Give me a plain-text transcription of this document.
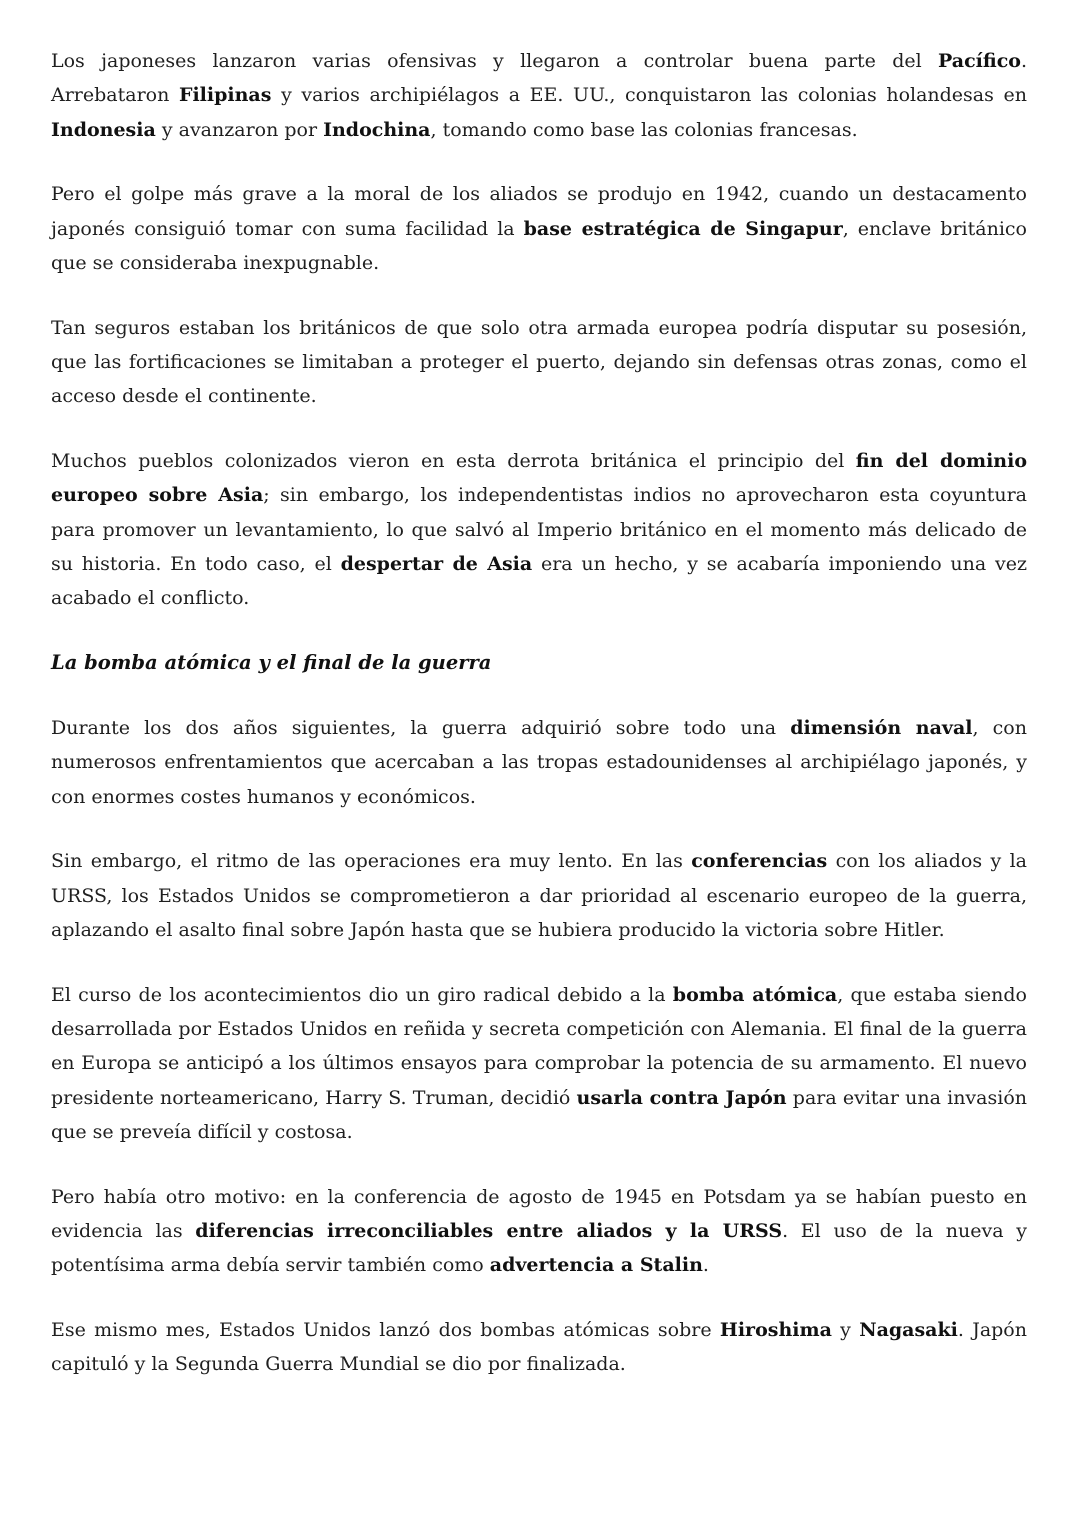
Los japoneses lanzaron varias ofensivas y llegaron a controlar buena parte del Pacífico. Arrebataron Filipinas y varios archipiélagos a EE. UU., conquistaron las colonias holandesas en Indonesia y avanzaron por Indochina, tomando como base las colonias francesas.

Pero el golpe más grave a la moral de los aliados se produjo en 1942, cuando un destacamento japonés consiguió tomar con suma facilidad la base estratégica de Singapur, enclave británico que se consideraba inexpugnable.

Tan seguros estaban los británicos de que solo otra armada europea podría disputar su posesión, que las fortificaciones se limitaban a proteger el puerto, dejando sin defensas otras zonas, como el acceso desde el continente.

Muchos pueblos colonizados vieron en esta derrota británica el principio del fin del dominio europeo sobre Asia; sin embargo, los independentistas indios no aprovecharon esta coyuntura para promover un levantamiento, lo que salvó al Imperio británico en el momento más delicado de su historia. En todo caso, el despertar de Asia era un hecho, y se acabaría imponiendo una vez acabado el conflicto.

La bomba atómica y el final de la guerra

Durante los dos años siguientes, la guerra adquirió sobre todo una dimensión naval, con numerosos enfrentamientos que acercaban a las tropas estadounidenses al archipiélago japonés, y con enormes costes humanos y económicos.

Sin embargo, el ritmo de las operaciones era muy lento. En las conferencias con los aliados y la URSS, los Estados Unidos se comprometieron a dar prioridad al escenario europeo de la guerra, aplazando el asalto final sobre Japón hasta que se hubiera producido la victoria sobre Hitler.

El curso de los acontecimientos dio un giro radical debido a la bomba atómica, que estaba siendo desarrollada por Estados Unidos en reñida y secreta competición con Alemania. El final de la guerra en Europa se anticipó a los últimos ensayos para comprobar la potencia de su armamento. El nuevo presidente norteamericano, Harry S. Truman, decidió usarla contra Japón para evitar una invasión que se preveía difícil y costosa.

Pero había otro motivo: en la conferencia de agosto de 1945 en Potsdam ya se habían puesto en evidencia las diferencias irreconciliables entre aliados y la URSS. El uso de la nueva y potentísima arma debía servir también como advertencia a Stalin.

Ese mismo mes, Estados Unidos lanzó dos bombas atómicas sobre Hiroshima y Nagasaki. Japón capituló y la Segunda Guerra Mundial se dio por finalizada.
